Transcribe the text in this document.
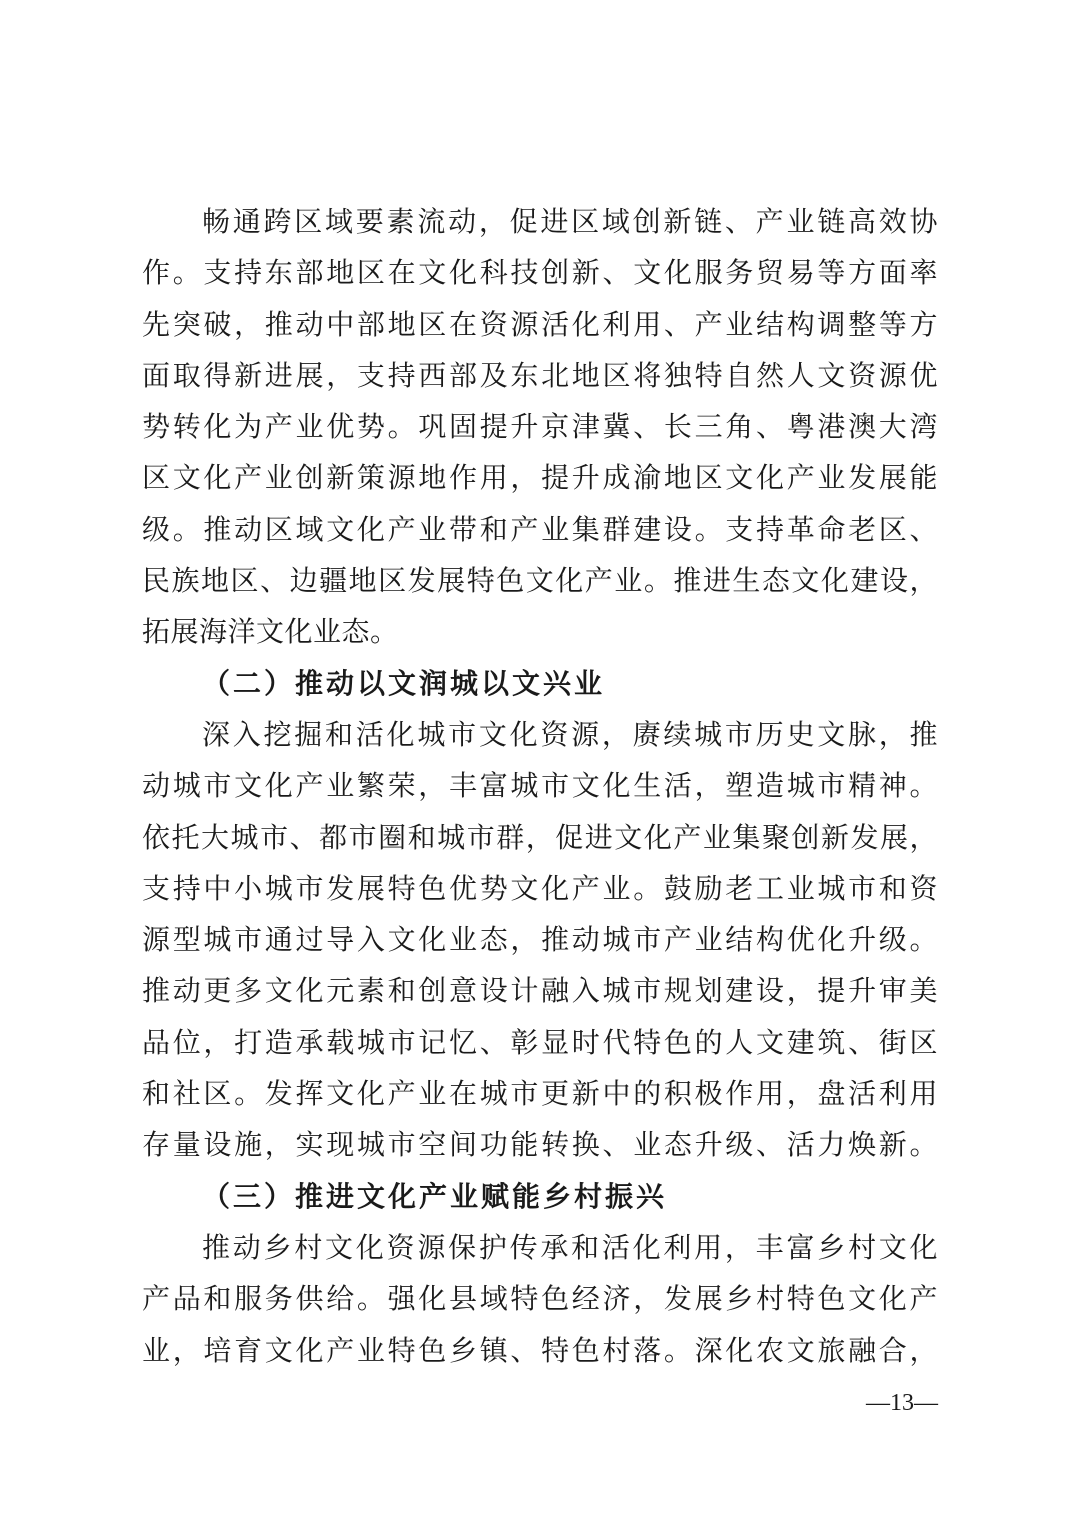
畅通跨区域要素流动，促进区域创新链、产业链高效协
作。支持东部地区在文化科技创新、文化服务贸易等方面率
先突破，推动中部地区在资源活化利用、产业结构调整等方
面取得新进展，支持西部及东北地区将独特自然人文资源优
势转化为产业优势。巩固提升京津冀、长三角、粤港澳大湾
区文化产业创新策源地作用，提升成渝地区文化产业发展能
级。推动区域文化产业带和产业集群建设。支持革命老区、
民族地区、边疆地区发展特色文化产业。推进生态文化建设，
拓展海洋文化业态。
（二）推动以文润城以文兴业
深入挖掘和活化城市文化资源，赓续城市历史文脉，推
动城市文化产业繁荣，丰富城市文化生活，塑造城市精神。
依托大城市、都市圈和城市群，促进文化产业集聚创新发展，
支持中小城市发展特色优势文化产业。鼓励老工业城市和资
源型城市通过导入文化业态，推动城市产业结构优化升级。
推动更多文化元素和创意设计融入城市规划建设，提升审美
品位，打造承载城市记忆、彰显时代特色的人文建筑、街区
和社区。发挥文化产业在城市更新中的积极作用，盘活利用
存量设施，实现城市空间功能转换、业态升级、活力焕新。
（三）推进文化产业赋能乡村振兴
推动乡村文化资源保护传承和活化利用，丰富乡村文化
产品和服务供给。强化县域特色经济，发展乡村特色文化产
业，培育文化产业特色乡镇、特色村落。深化农文旅融合，
—13—
